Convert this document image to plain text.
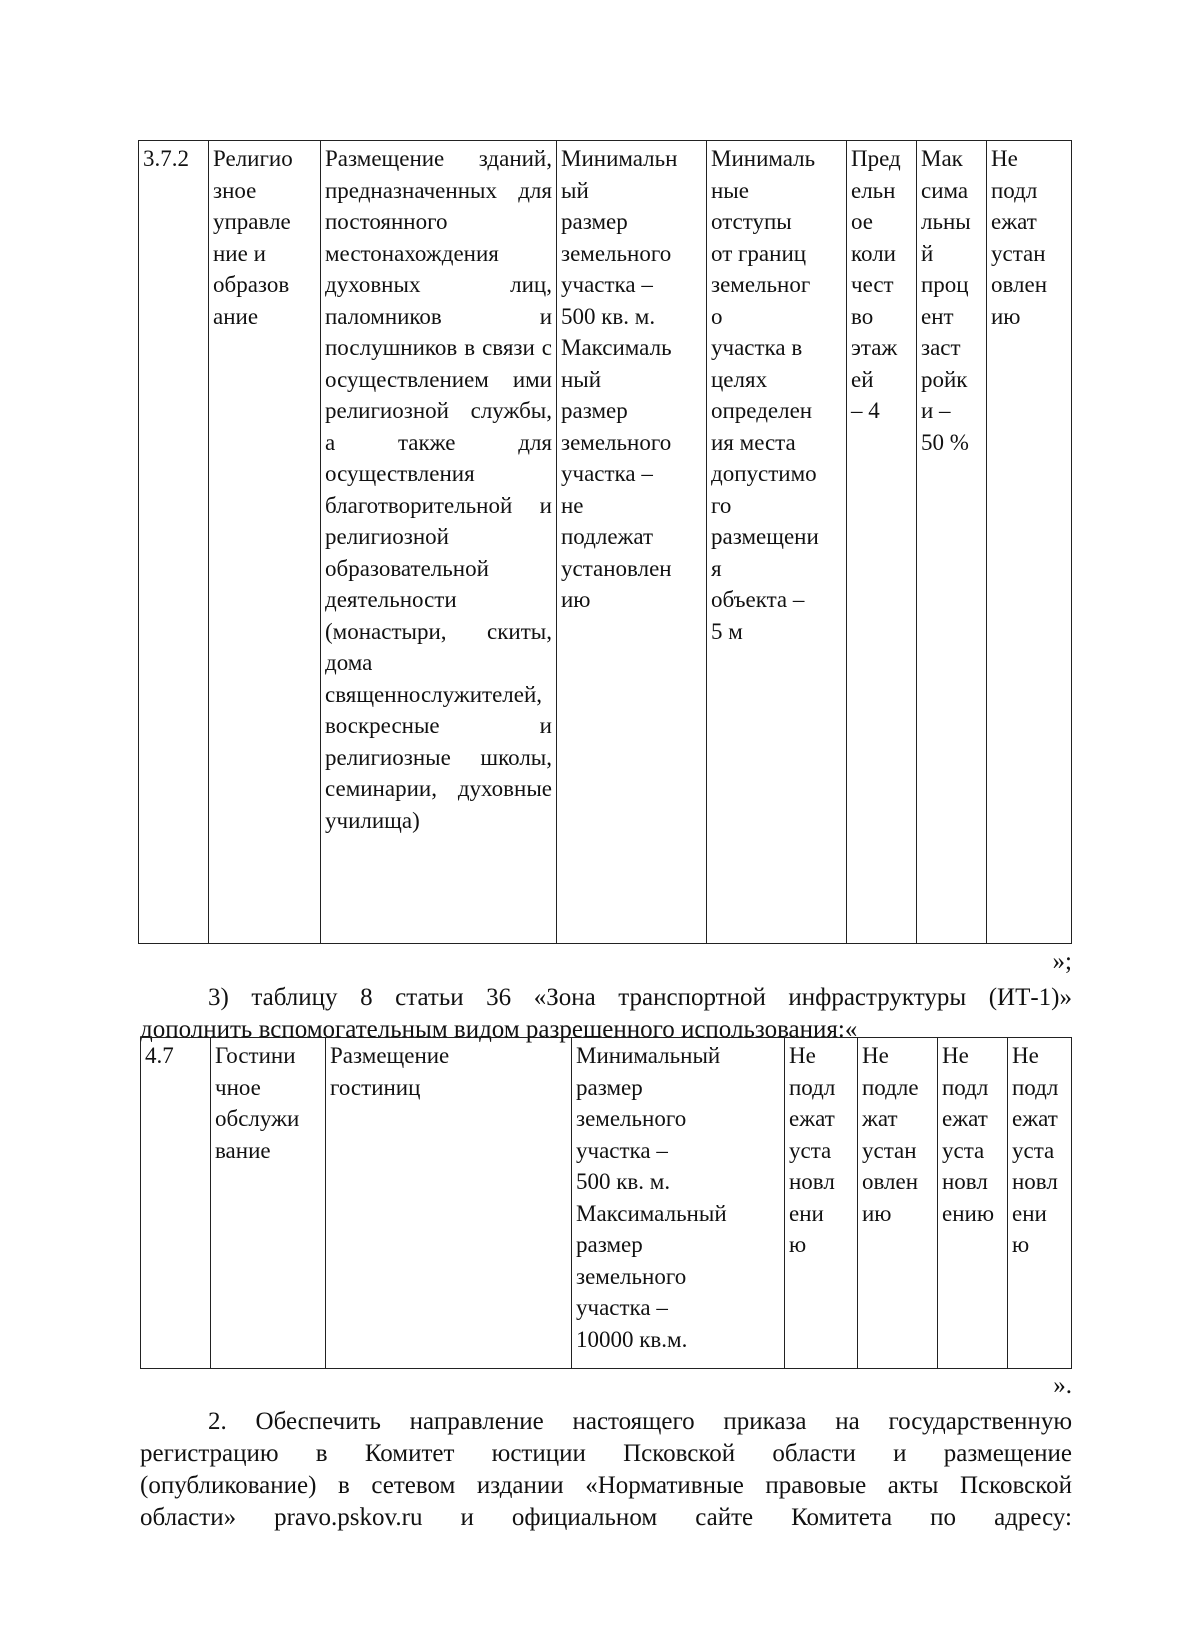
3.7.2	Религио
зное
управле
ние и
образов
ание	Размещение зданий, предназначенных для постоянного местонахождения духовных лиц, паломников и послушников в связи с осуществлением ими религиозной службы, а также для осуществления благотворительной и религиозной образовательной деятельности (монастыри, скиты, дома священнослужителей, воскресные и религиозные школы, семинарии, духовные училища)	Минимальн
ый
размер
земельного
участка –
500 кв. м.
Максималь
ный
размер
земельного
участка –
не
подлежат
установлен
ию	Минималь
ные
отступы
от границ
земельног
о
участка в
целях
определен
ия места
допустимо
го
размещени
я
объекта –
5 м	Пред
ельн
ое
коли
чест
во
этаж
ей
– 4	Мак
сима
льны
й
проц
ент
заст
ройк
и –
50 %	Не
подл
ежат
устан
овлен
ию
»;
3) таблицу 8 статьи 36 «Зона транспортной инфраструктуры (ИТ-1)»
дополнить вспомогательным видом разрешенного использования:«
4.7	Гостини
чное
обслужи
вание	Размещение
гостиниц	Минимальный
размер
земельного
участка –
500 кв. м.
Максимальный
размер
земельного
участка –
10000 кв.м.	Не
подл
ежат
уста
новл
ени
ю	Не
подле
жат
устан
овлен
ию	Не
подл
ежат
уста
новл
ению	Не
подл
ежат
уста
новл
ени
ю
».
2. Обеспечить направление настоящего приказа на государственную
регистрацию в Комитет юстиции Псковской области и размещение
(опубликование) в сетевом издании «Нормативные правовые акты Псковской
области» pravo.pskov.ru и официальном сайте Комитета по адресу:
